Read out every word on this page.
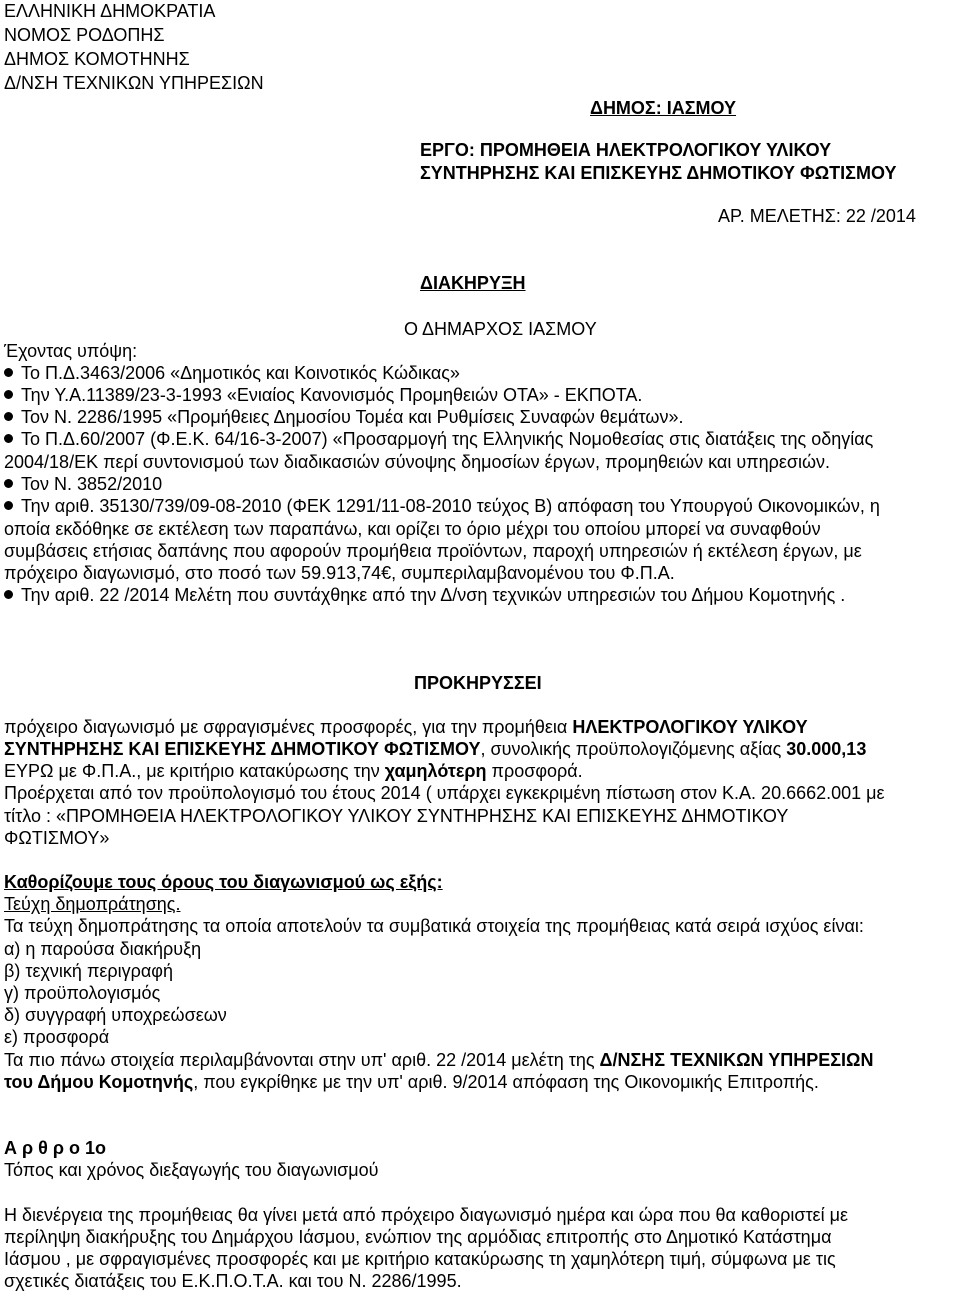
ΕΛΛΗΝΙΚΗ ΔΗΜΟΚΡΑΤΙΑ
ΝΟΜΟΣ ΡΟΔΟΠΗΣ
ΔΗΜΟΣ ΚΟΜΟΤΗΝΗΣ
Δ/ΝΣΗ ΤΕΧΝΙΚΩΝ ΥΠΗΡΕΣΙΩΝ
ΔΗΜΟΣ: ΙΑΣΜΟΥ
ΕΡΓΟ: ΠΡΟΜΗΘΕΙΑ ΗΛΕΚΤΡΟΛΟΓΙΚΟΥ ΥΛΙΚΟΥ
ΣΥΝΤΗΡΗΣΗΣ ΚΑΙ ΕΠΙΣΚΕΥΗΣ ΔΗΜΟΤΙΚΟΥ ΦΩΤΙΣΜΟΥ
ΑΡ. ΜΕΛΕΤΗΣ: 22 /2014
ΔΙΑΚΗΡΥΞΗ
Ο ΔΗΜΑΡΧΟΣ ΙΑΣΜΟΥ
Έχοντας υπόψη:
Το Π.Δ.3463/2006 «Δημοτικός και Κοινοτικός Κώδικας»
Την Υ.Α.11389/23-3-1993 «Ενιαίος Κανονισμός Προμηθειών ΟΤΑ» - ΕΚΠΟΤΑ.
Τον Ν. 2286/1995 «Προμήθειες Δημοσίου Τομέα και Ρυθμίσεις Συναφών θεμάτων».
Το Π.Δ.60/2007 (Φ.Ε.Κ. 64/16-3-2007) «Προσαρμογή της Ελληνικής Νομοθεσίας στις διατάξεις της οδηγίας
2004/18/ΕΚ περί συντονισμού των διαδικασιών σύνοψης δημοσίων έργων, προμηθειών και υπηρεσιών.
Τον Ν. 3852/2010
Την αριθ. 35130/739/09-08-2010 (ΦΕΚ 1291/11-08-2010 τεύχος Β) απόφαση του Υπουργού Οικονομικών, η
οποία εκδόθηκε σε εκτέλεση των παραπάνω, και ορίζει το όριο μέχρι του οποίου μπορεί να συναφθούν
συμβάσεις ετήσιας δαπάνης που αφορούν προμήθεια προϊόντων, παροχή υπηρεσιών ή εκτέλεση έργων, με
πρόχειρο διαγωνισμό, στο ποσό των 59.913,74€, συμπεριλαμβανομένου του Φ.Π.Α.
Την αριθ. 22 /2014 Μελέτη που συντάχθηκε από την Δ/νση τεχνικών υπηρεσιών του Δήμου Κομοτηνής .
ΠΡΟΚΗΡΥΣΣΕΙ
πρόχειρο διαγωνισμό με σφραγισμένες προσφορές, για την προμήθεια ΗΛΕΚΤΡΟΛΟΓΙΚΟΥ ΥΛΙΚΟΥ
ΣΥΝΤΗΡΗΣΗΣ ΚΑΙ ΕΠΙΣΚΕΥΗΣ ΔΗΜΟΤΙΚΟΥ ΦΩΤΙΣΜΟΥ, συνολικής προϋπολογιζόμενης αξίας 30.000,13
ΕΥΡΩ με Φ.Π.Α., με κριτήριο κατακύρωσης την χαμηλότερη προσφορά.
Προέρχεται από τον προϋπολογισμό του έτους 2014 ( υπάρχει εγκεκριμένη πίστωση στον Κ.Α. 20.6662.001 με
τίτλο : «ΠΡΟΜΗΘΕΙΑ ΗΛΕΚΤΡΟΛΟΓΙΚΟΥ ΥΛΙΚΟΥ ΣΥΝΤΗΡΗΣΗΣ ΚΑΙ ΕΠΙΣΚΕΥΗΣ ΔΗΜΟΤΙΚΟΥ
ΦΩΤΙΣΜΟΥ»
Καθορίζουμε τους όρους του διαγωνισμού ως εξής:
Τεύχη δημοπράτησης.
Τα τεύχη δημοπράτησης τα οποία αποτελούν τα συμβατικά στοιχεία της προμήθειας κατά σειρά ισχύος είναι:
α) η παρούσα διακήρυξη
β) τεχνική περιγραφή
γ) προϋπολογισμός
δ) συγγραφή υποχρεώσεων
ε) προσφορά
Τα πιο πάνω στοιχεία περιλαμβάνονται στην υπ' αριθ. 22 /2014 μελέτη της Δ/ΝΣΗΣ ΤΕΧΝΙΚΩΝ ΥΠΗΡΕΣΙΩΝ
του Δήμου Κομοτηνής, που εγκρίθηκε με την υπ' αριθ. 9/2014 απόφαση της Οικονομικής Επιτροπής.
Α ρ θ ρ ο 1ο
Τόπος και χρόνος διεξαγωγής του διαγωνισμού
Η διενέργεια της προμήθειας θα γίνει μετά από πρόχειρο διαγωνισμό ημέρα και ώρα που θα καθοριστεί με
περίληψη διακήρυξης του Δημάρχου Ιάσμου, ενώπιον της αρμόδιας επιτροπής στο Δημοτικό Κατάστημα
Ιάσμου , με σφραγισμένες προσφορές και με κριτήριο κατακύρωσης τη χαμηλότερη τιμή, σύμφωνα με τις
σχετικές διατάξεις του Ε.Κ.Π.Ο.Τ.Α. και του Ν. 2286/1995.
